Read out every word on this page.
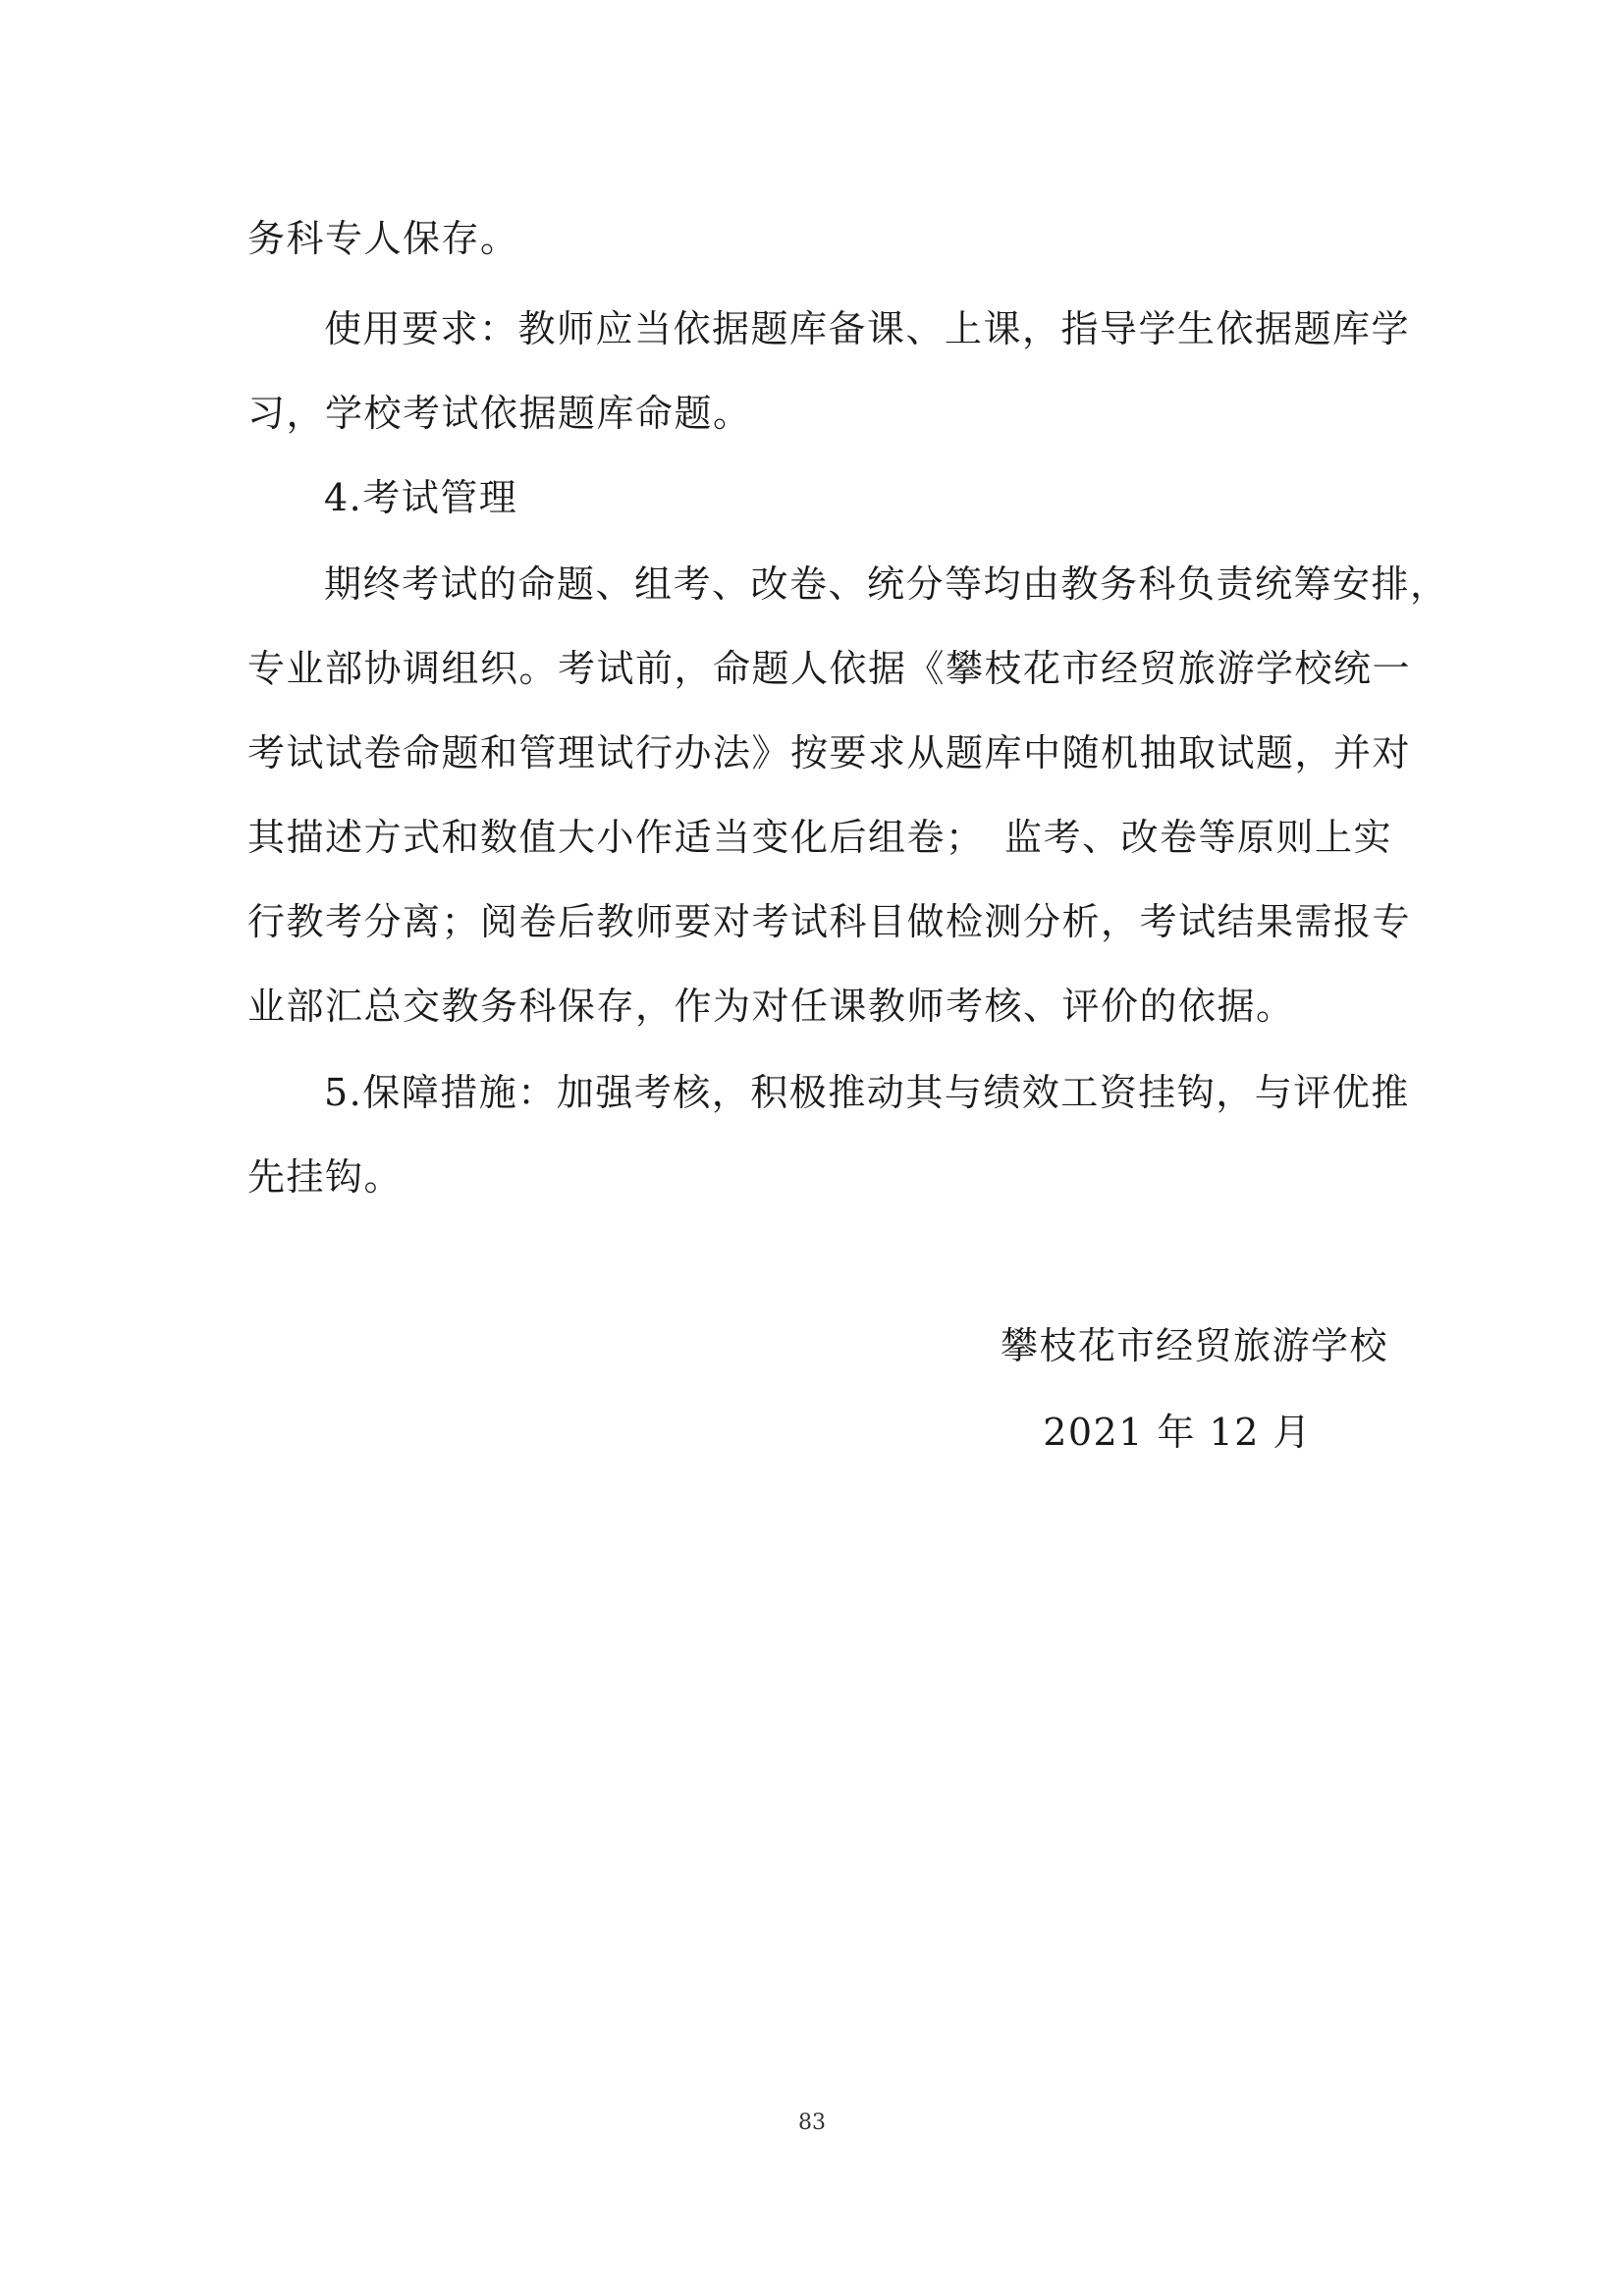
务科专人保存。
使用要求：教师应当依据题库备课、上课，指导学生依据题库学
习，学校考试依据题库命题。
4.考试管理
期终考试的命题、组考、改卷、统分等均由教务科负责统筹安排，
专业部协调组织。考试前，命题人依据《攀枝花市经贸旅游学校统一
考试试卷命题和管理试行办法》按要求从题库中随机抽取试题，并对
其描述方式和数值大小作适当变化后组卷；　监考、改卷等原则上实
行教考分离；阅卷后教师要对考试科目做检测分析，考试结果需报专
业部汇总交教务科保存，作为对任课教师考核、评价的依据。
5.保障措施：加强考核，积极推动其与绩效工资挂钩，与评优推
先挂钩。
攀枝花市经贸旅游学校
2021 年 12 月
83
